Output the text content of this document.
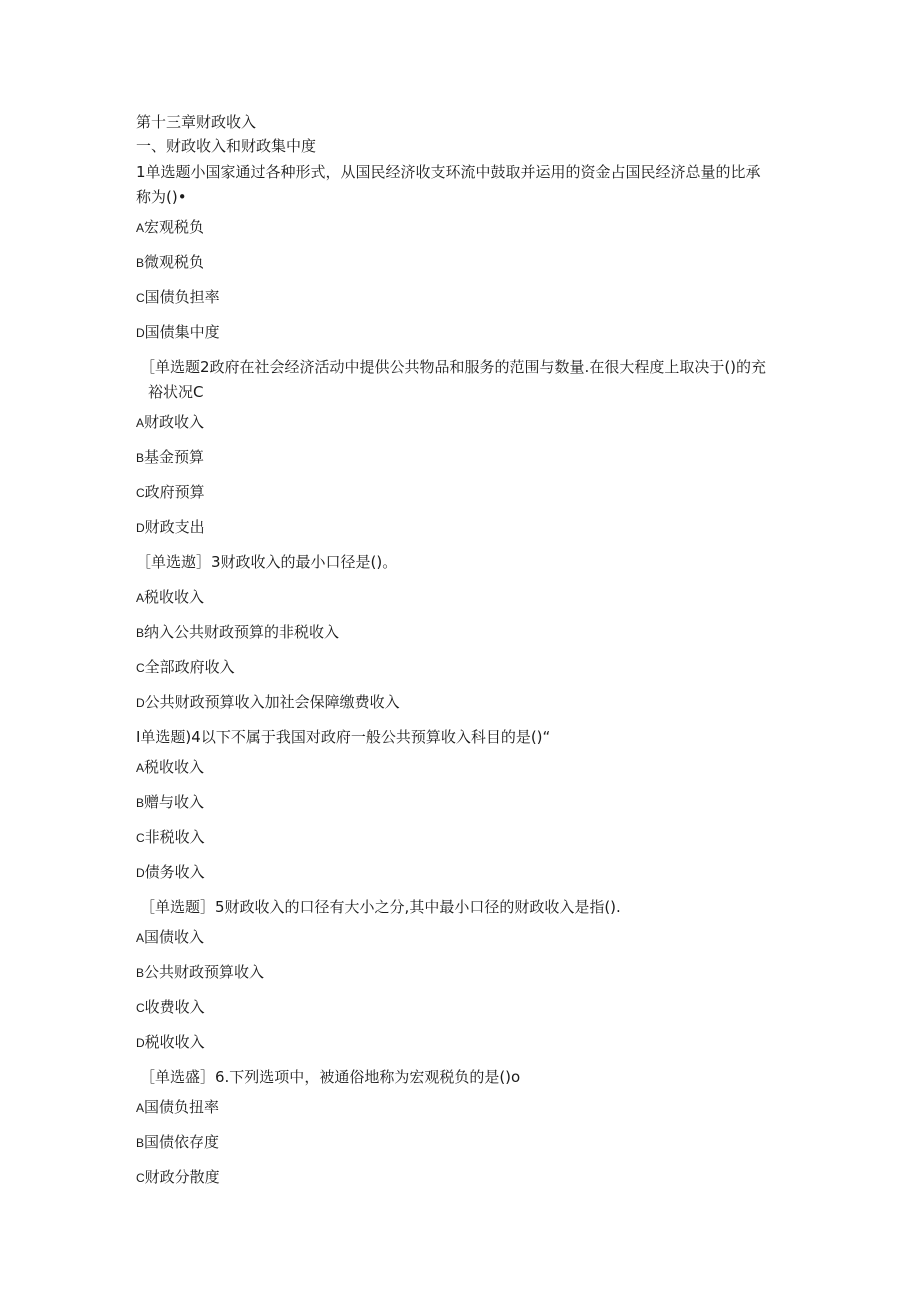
第十三章财政收入
一、财政收入和财政集中度
1单选题小国家通过各种形式，从国民经济收支环流中鼓取并运用的资金占国民经济总量的比承
称为()•
A宏观税负
B微观税负
C国债负担率
D国债集中度
［单选题2政府在社会经济活动中提供公共物品和服务的范围与数量.在很大程度上取决于()的充
裕状况C
A财政收入
B基金预算
C政府预算
D财政支出
［单选遨］3财政收入的最小口径是()。
A税收收入
B纳入公共财政预算的非税收入
C全部政府收入
D公共财政预算收入加社会保障缴费收入
I单选题)4以下不属于我国对政府一般公共预算收入科目的是()“
A税收收入
B赠与收入
C非税收入
D债务收入
［单选题］5财政收入的口径有大小之分,其中最小口径的财政收入是指().
A国债收入
B公共财政预算收入
C收费收入
D税收收入
［单选盛］6.下列选项中，被通俗地称为宏观税负的是()o
A国债负扭率
B国债依存度
C财政分散度
